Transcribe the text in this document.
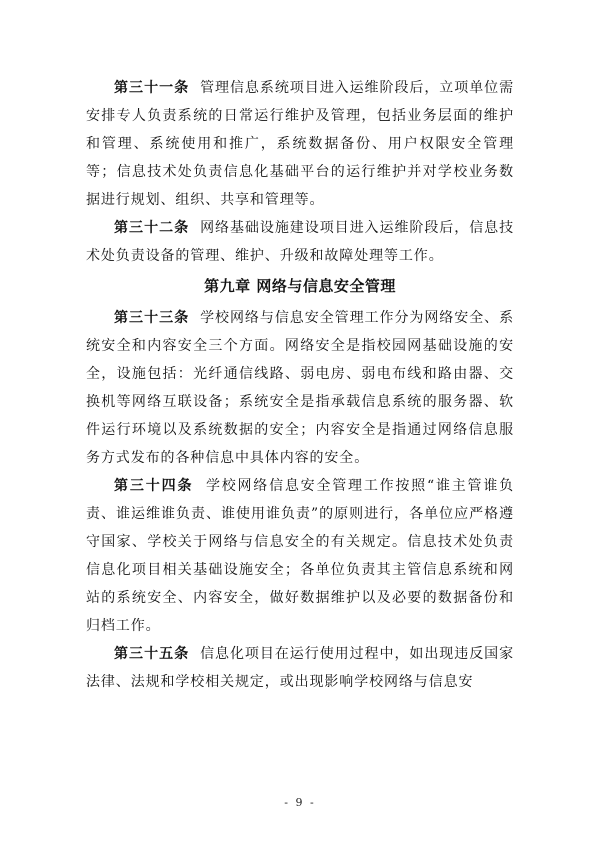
第三十一条 管理信息系统项目进入运维阶段后，立项单位需安排专人负责系统的日常运行维护及管理，包括业务层面的维护和管理、系统使用和推广，系统数据备份、用户权限安全管理等；信息技术处负责信息化基础平台的运行维护并对学校业务数据进行规划、组织、共享和管理等。

第三十二条 网络基础设施建设项目进入运维阶段后，信息技术处负责设备的管理、维护、升级和故障处理等工作。

第九章 网络与信息安全管理

第三十三条 学校网络与信息安全管理工作分为网络安全、系统安全和内容安全三个方面。网络安全是指校园网基础设施的安全，设施包括：光纤通信线路、弱电房、弱电布线和路由器、交换机等网络互联设备；系统安全是指承载信息系统的服务器、软件运行环境以及系统数据的安全；内容安全是指通过网络信息服务方式发布的各种信息中具体内容的安全。

第三十四条 学校网络信息安全管理工作按照“谁主管谁负责、谁运维谁负责、谁使用谁负责”的原则进行，各单位应严格遵守国家、学校关于网络与信息安全的有关规定。信息技术处负责信息化项目相关基础设施安全；各单位负责其主管信息系统和网站的系统安全、内容安全，做好数据维护以及必要的数据备份和归档工作。

第三十五条 信息化项目在运行使用过程中，如出现违反国家法律、法规和学校相关规定，或出现影响学校网络与信息安

- 9 -
